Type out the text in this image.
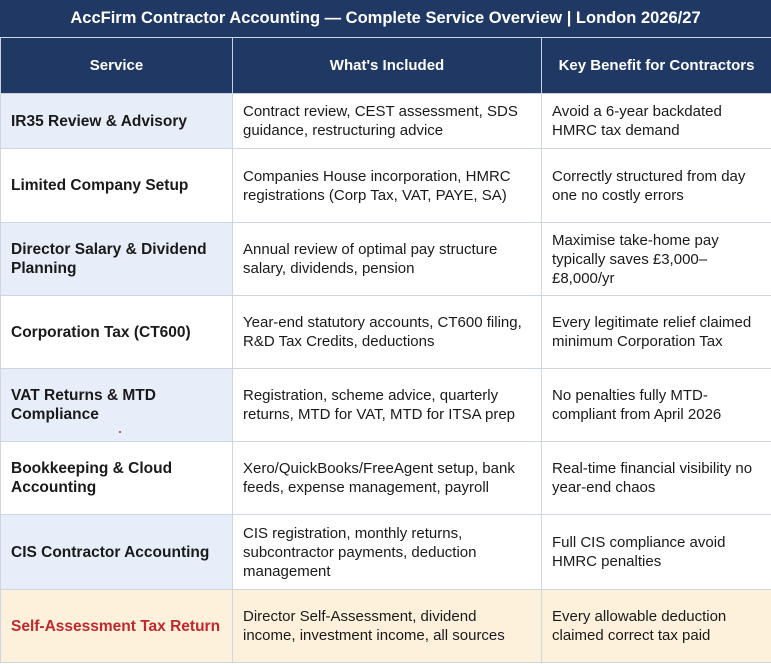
AccFirm Contractor Accounting — Complete Service Overview | London 2026/27
Service	What's Included	Key Benefit for Contractors
IR35 Review & Advisory	Contract review, CEST assessment, SDS guidance, restructuring advice	Avoid a 6-year backdated HMRC tax demand
Limited Company Setup	Companies House incorporation, HMRC registrations (Corp Tax, VAT, PAYE, SA)	Correctly structured from day one no costly errors
Director Salary & Dividend Planning	Annual review of optimal pay structure salary, dividends, pension	Maximise take-home pay typically saves £3,000–£8,000/yr
Corporation Tax (CT600)	Year-end statutory accounts, CT600 filing, R&D Tax Credits, deductions	Every legitimate relief claimed minimum Corporation Tax
VAT Returns & MTD Compliance	Registration, scheme advice, quarterly returns, MTD for VAT, MTD for ITSA prep	No penalties fully MTD-compliant from April 2026
Bookkeeping & Cloud Accounting	Xero/QuickBooks/FreeAgent setup, bank feeds, expense management, payroll	Real-time financial visibility no year-end chaos
CIS Contractor Accounting	CIS registration, monthly returns, subcontractor payments, deduction management	Full CIS compliance avoid HMRC penalties
Self-Assessment Tax Return	Director Self-Assessment, dividend income, investment income, all sources	Every allowable deduction claimed correct tax paid
